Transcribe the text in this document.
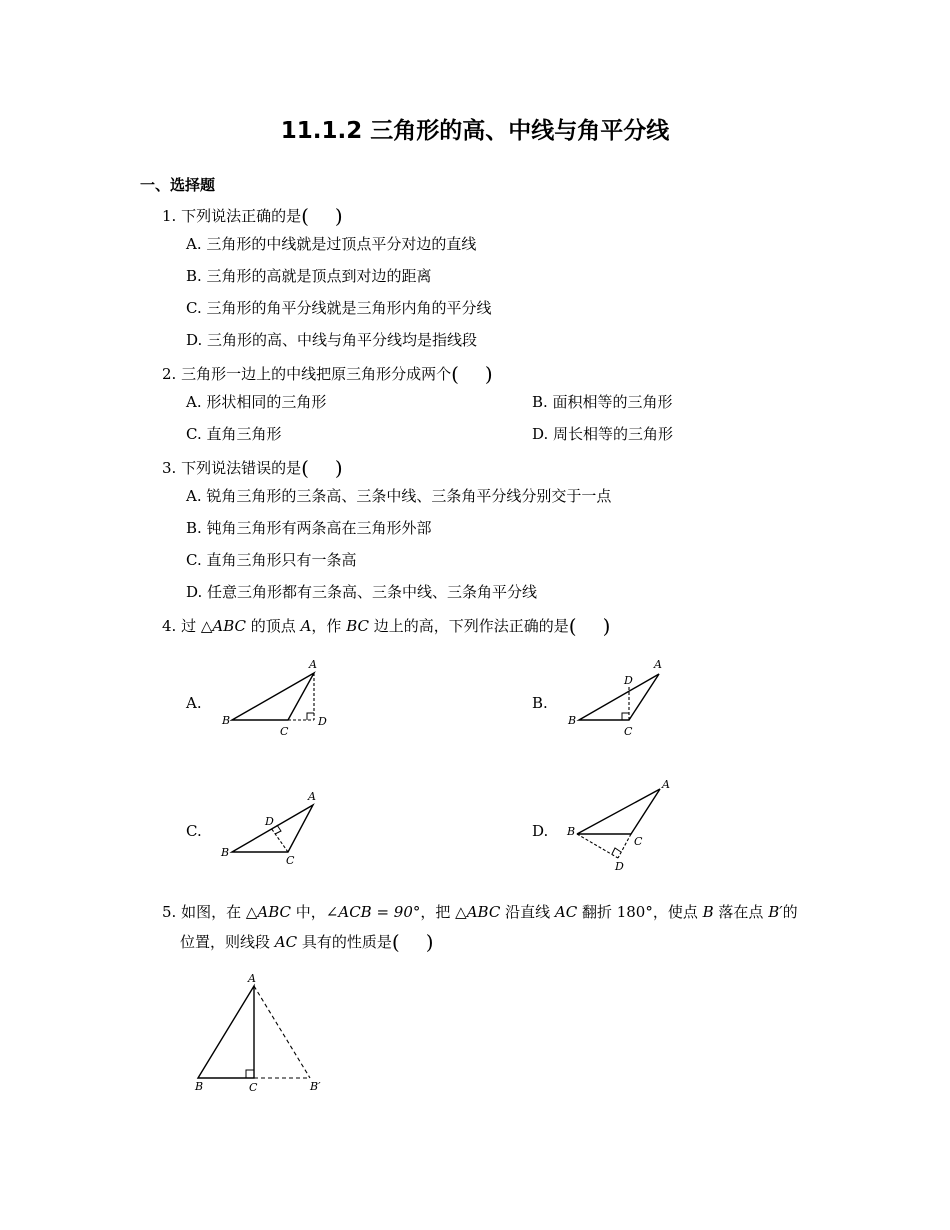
11.1.2 三角形的高、中线与角平分线
一、选择题
1. 下列说法正确的是( )
A. 三角形的中线就是过顶点平分对边的直线
B. 三角形的高就是顶点到对边的距离
C. 三角形的角平分线就是三角形内角的平分线
D. 三角形的高、中线与角平分线均是指线段
2. 三角形一边上的中线把原三角形分成两个( )
A. 形状相同的三角形	B. 面积相等的三角形
C. 直角三角形	D. 周长相等的三角形
3. 下列说法错误的是( )
A. 锐角三角形的三条高、三条中线、三条角平分线分别交于一点
B. 钝角三角形有两条高在三角形外部
C. 直角三角形只有一条高
D. 任意三角形都有三条高、三条中线、三条角平分线
4. 过 △ABC 的顶点 A，作 BC 边上的高，下列作法正确的是( )
A.	B.
C.	D.
A
B
C
D
A
B
C
D
A
B
C
D
A
B
C
D
5. 如图，在 △ABC 中，∠ACB = 90°，把 △ABC 沿直线 AC 翻折 180°，使点 B 落在点 B′的
位置，则线段 AC 具有的性质是( )
A
B	C	B′
